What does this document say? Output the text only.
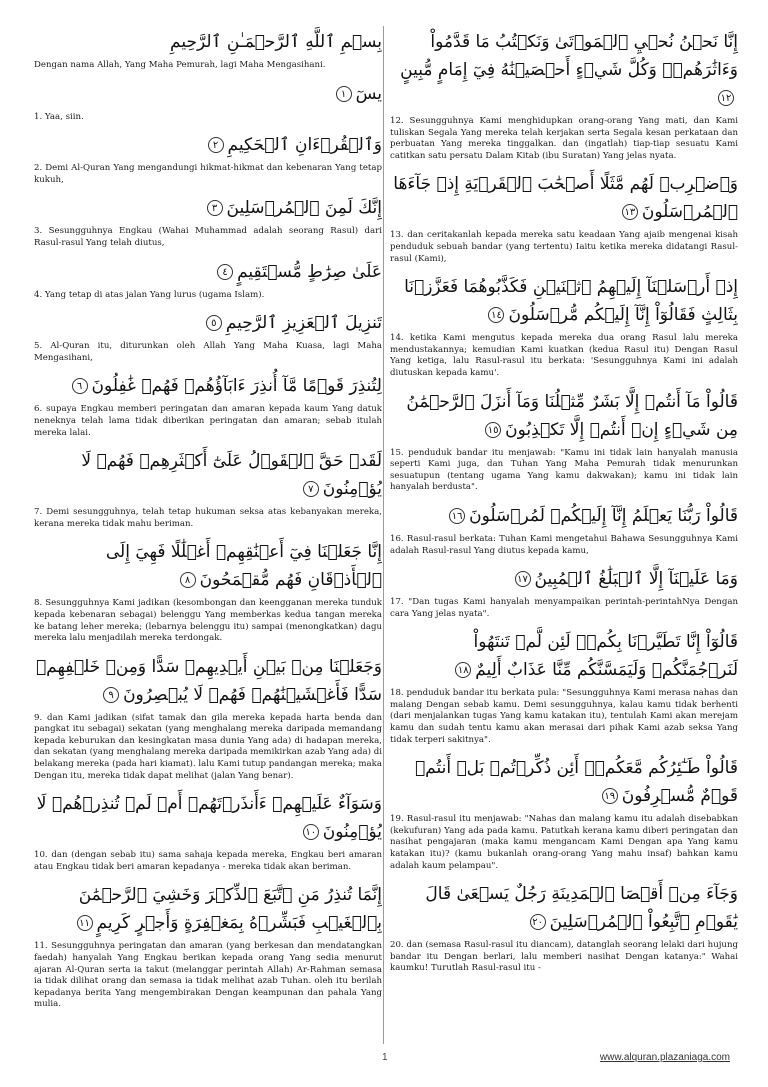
بِسۡمِ ٱللَّهِ ٱلرَّحۡمَـٰنِ ٱلرَّحِيمِ
Dengan nama Allah, Yang Maha Pemurah, lagi Maha Mengasihani.
يسٓ١
1. Yaa, siin.
وَٱلۡقُرۡءَانِ ٱلۡحَكِيمِ٢
2. Demi Al-Quran Yang mengandungi hikmat-hikmat dan kebenaran Yang tetap kukuh,
إِنَّكَ لَمِنَ ٱلۡمُرۡسَلِينَ٣
3. Sesungguhnya Engkau (Wahai Muhammad adalah seorang Rasul) dari Rasul-rasul Yang telah diutus,
عَلَىٰ صِرَٰطٍ مُّسۡتَقِيمٍ٤
4. Yang tetap di atas jalan Yang lurus (ugama Islam).
تَنزِيلَ ٱلۡعَزِيزِ ٱلرَّحِيمِ٥
5. Al-Quran itu, diturunkan oleh Allah Yang Maha Kuasa, lagi Maha Mengasihani,
لِتُنذِرَ قَوۡمًا مَّآ أُنذِرَ ءَابَآؤُهُمۡ فَهُمۡ غَٰفِلُونَ٦
6. supaya Engkau memberi peringatan dan amaran kepada kaum Yang datuk neneknya telah lama tidak diberikan peringatan dan amaran; sebab itulah mereka lalai.
لَقَدۡ حَقَّ ٱلۡقَوۡلُ عَلَىٰٓ أَكۡثَرِهِمۡ فَهُمۡ لَا يُؤۡمِنُونَ٧
7. Demi sesungguhnya, telah tetap hukuman seksa atas kebanyakan mereka, kerana mereka tidak mahu beriman.
إِنَّا جَعَلۡنَا فِيٓ أَعۡنَٰقِهِمۡ أَغۡلَٰلًا فَهِيَ إِلَى ٱلۡأَذۡقَانِ فَهُم مُّقۡمَحُونَ٨
8. Sesungguhnya Kami jadikan (kesombongan dan keengganan mereka tunduk kepada kebenaran sebagai) belenggu Yang memberkas kedua tangan mereka ke batang leher mereka; (lebarnya belenggu itu) sampai (menongkatkan) dagu mereka lalu menjadilah mereka terdongak.
وَجَعَلۡنَا مِنۢ بَيۡنِ أَيۡدِيهِمۡ سَدًّا وَمِنۡ خَلۡفِهِمۡ سَدًّا فَأَغۡشَيۡنَٰهُمۡ فَهُمۡ لَا يُبۡصِرُونَ٩
9. dan Kami jadikan (sifat tamak dan gila mereka kepada harta benda dan pangkat itu sebagai) sekatan (yang menghalang mereka daripada memandang kepada keburukan dan kesingkatan masa dunia Yang ada) di hadapan mereka, dan sekatan (yang menghalang mereka daripada memikirkan azab Yang ada) di belakang mereka (pada hari kiamat). lalu Kami tutup pandangan mereka; maka Dengan itu, mereka tidak dapat melihat (jalan Yang benar).
وَسَوَآءٌ عَلَيۡهِمۡ ءَأَنذَرۡتَهُمۡ أَمۡ لَمۡ تُنذِرۡهُمۡ لَا يُؤۡمِنُونَ١٠
10. dan (dengan sebab itu) sama sahaja kepada mereka, Engkau beri amaran atau Engkau tidak beri amaran kepadanya - mereka tidak akan beriman.
إِنَّمَا تُنذِرُ مَنِ ٱتَّبَعَ ٱلذِّكۡرَ وَخَشِيَ ٱلرَّحۡمَٰنَ بِٱلۡغَيۡبِ فَبَشِّرۡهُ بِمَغۡفِرَةٍ وَأَجۡرٍ كَرِيمٍ١١
11. Sesungguhnya peringatan dan amaran (yang berkesan dan mendatangkan faedah) hanyalah Yang Engkau berikan kepada orang Yang sedia menurut ajaran Al-Quran serta ia takut (melanggar perintah Allah) Ar-Rahman semasa ia tidak dilihat orang dan semasa ia tidak melihat azab Tuhan. oleh itu berilah kepadanya berita Yang mengembirakan Dengan keampunan dan pahala Yang mulia.
إِنَّا نَحۡنُ نُحۡيِ ٱلۡمَوۡتَىٰ وَنَكۡتُبُ مَا قَدَّمُواْ وَءَاثَٰرَهُمۡۚ وَكُلَّ شَيۡءٍ أَحۡصَيۡنَٰهُ فِيٓ إِمَامٍ مُّبِينٍ١٢
12. Sesungguhnya Kami menghidupkan orang-orang Yang mati, dan Kami tuliskan Segala Yang mereka telah kerjakan serta Segala kesan perkataan dan perbuatan Yang mereka tinggalkan. dan (ingatlah) tiap-tiap sesuatu Kami catitkan satu persatu Dalam Kitab (ibu Suratan) Yang jelas nyata.
وَٱضۡرِبۡ لَهُم مَّثَلًا أَصۡحَٰبَ ٱلۡقَرۡيَةِ إِذۡ جَآءَهَا ٱلۡمُرۡسَلُونَ١٣
13. dan ceritakanlah kepada mereka satu keadaan Yang ajaib mengenai kisah penduduk sebuah bandar (yang tertentu) Iaitu ketika mereka didatangi Rasul-rasul (Kami),
إِذۡ أَرۡسَلۡنَآ إِلَيۡهِمُ ٱثۡنَيۡنِ فَكَذَّبُوهُمَا فَعَزَّزۡنَا بِثَالِثٍ فَقَالُوٓاْ إِنَّآ إِلَيۡكُم مُّرۡسَلُونَ١٤
14. ketika Kami mengutus kepada mereka dua orang Rasul lalu mereka mendustakannya; kemudian Kami kuatkan (kedua Rasul itu) Dengan Rasul Yang ketiga, lalu Rasul-rasul itu berkata: 'Sesungguhnya Kami ini adalah diutuskan kepada kamu'.
قَالُواْ مَآ أَنتُمۡ إِلَّا بَشَرٌ مِّثۡلُنَا وَمَآ أَنزَلَ ٱلرَّحۡمَٰنُ مِن شَيۡءٍ إِنۡ أَنتُمۡ إِلَّا تَكۡذِبُونَ١٥
15. penduduk bandar itu menjawab: "Kamu ini tidak lain hanyalah manusia seperti Kami juga, dan Tuhan Yang Maha Pemurah tidak menurunkan sesuatupun (tentang ugama Yang kamu dakwakan); kamu ini tidak lain hanyalah berdusta".
قَالُواْ رَبُّنَا يَعۡلَمُ إِنَّآ إِلَيۡكُمۡ لَمُرۡسَلُونَ١٦
16. Rasul-rasul berkata: Tuhan Kami mengetahui Bahawa Sesungguhnya Kami adalah Rasul-rasul Yang diutus kepada kamu,
وَمَا عَلَيۡنَآ إِلَّا ٱلۡبَلَٰغُ ٱلۡمُبِينُ١٧
17. "Dan tugas Kami hanyalah menyampaikan perintah-perintahNya Dengan cara Yang jelas nyata".
قَالُوٓاْ إِنَّا تَطَيَّرۡنَا بِكُمۡۖ لَئِن لَّمۡ تَنتَهُواْ لَنَرۡجُمَنَّكُمۡ وَلَيَمَسَّنَّكُم مِّنَّا عَذَابٌ أَلِيمٌ١٨
18. penduduk bandar itu berkata pula: "Sesungguhnya Kami merasa nahas dan malang Dengan sebab kamu. Demi sesungguhnya, kalau kamu tidak berhenti (dari menjalankan tugas Yang kamu katakan itu), tentulah Kami akan merejam kamu dan sudah tentu kamu akan merasai dari pihak Kami azab seksa Yang tidak terperi sakitnya".
قَالُواْ طَـٰٓئِرُكُم مَّعَكُمۡۚ أَئِن ذُكِّرۡتُمۚ بَلۡ أَنتُمۡ قَوۡمٌ مُّسۡرِفُونَ١٩
19. Rasul-rasul itu menjawab: "Nahas dan malang kamu itu adalah disebabkan (kekufuran) Yang ada pada kamu. Patutkah kerana kamu diberi peringatan dan nasihat pengajaran (maka kamu mengancam Kami Dengan apa Yang kamu katakan itu)? (kamu bukanlah orang-orang Yang mahu insaf) bahkan kamu adalah kaum pelampau".
وَجَآءَ مِنۡ أَقۡصَا ٱلۡمَدِينَةِ رَجُلٌ يَسۡعَىٰ قَالَ يَٰقَوۡمِ ٱتَّبِعُواْ ٱلۡمُرۡسَلِينَ٢٠
20. dan (semasa Rasul-rasul itu diancam), datanglah seorang lelaki dari hujung bandar itu Dengan berlari, lalu memberi nasihat Dengan katanya:" Wahai kaumku! Turutlah Rasul-rasul itu -
1	www.alquran.plazaniaga.com
